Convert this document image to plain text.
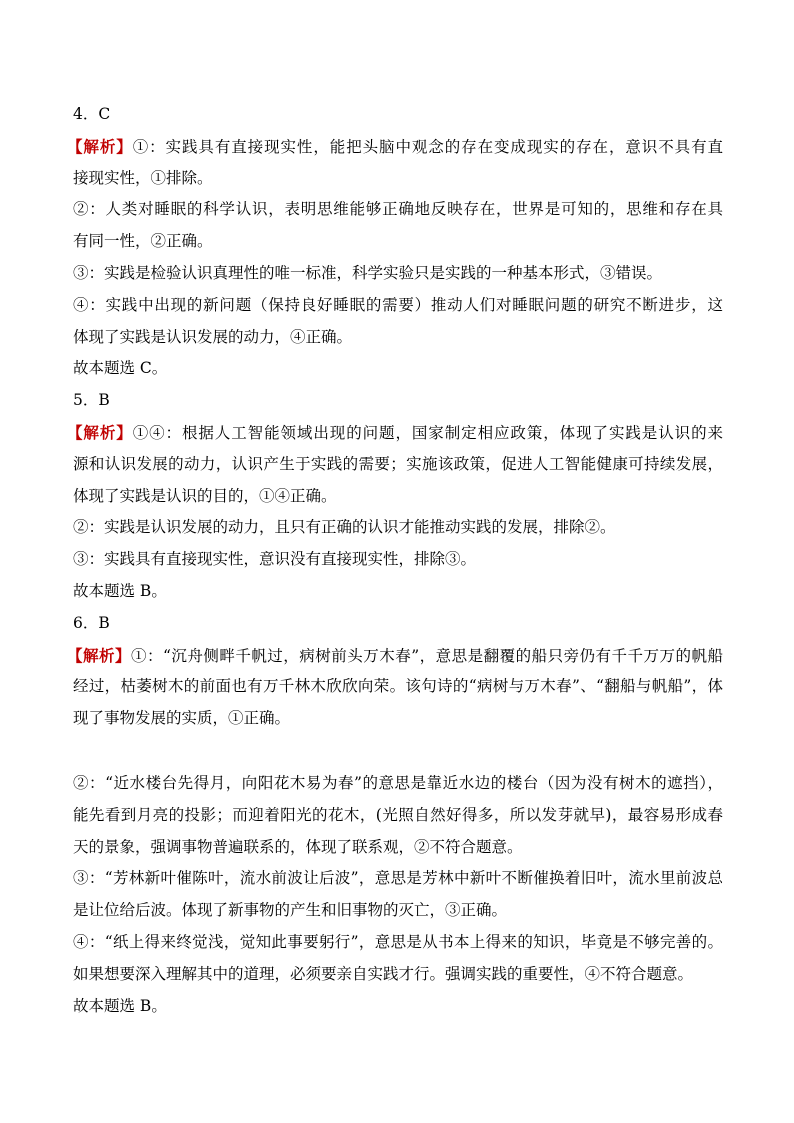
4．C
【解析】①：实践具有直接现实性，能把头脑中观念的存在变成现实的存在，意识不具有直
接现实性，①排除。
②：人类对睡眠的科学认识，表明思维能够正确地反映存在，世界是可知的，思维和存在具
有同一性，②正确。
③：实践是检验认识真理性的唯一标准，科学实验只是实践的一种基本形式，③错误。
④：实践中出现的新问题（保持良好睡眠的需要）推动人们对睡眠问题的研究不断进步，这
体现了实践是认识发展的动力，④正确。
故本题选 C。
5．B
【解析】①④：根据人工智能领域出现的问题，国家制定相应政策，体现了实践是认识的来
源和认识发展的动力，认识产生于实践的需要；实施该政策，促进人工智能健康可持续发展，
体现了实践是认识的目的，①④正确。
②：实践是认识发展的动力，且只有正确的认识才能推动实践的发展，排除②。
③：实践具有直接现实性，意识没有直接现实性，排除③。
故本题选 B。
6．B
【解析】①：“沉舟侧畔千帆过，病树前头万木春”，意思是翻覆的船只旁仍有千千万万的帆船
经过，枯萎树木的前面也有万千林木欣欣向荣。该句诗的“病树与万木春”、“翻船与帆船”，体
现了事物发展的实质，①正确。
②：“近水楼台先得月，向阳花木易为春”的意思是靠近水边的楼台（因为没有树木的遮挡），
能先看到月亮的投影；而迎着阳光的花木，(光照自然好得多，所以发芽就早)，最容易形成春
天的景象，强调事物普遍联系的，体现了联系观，②不符合题意。
③：“芳林新叶催陈叶，流水前波让后波”，意思是芳林中新叶不断催换着旧叶，流水里前波总
是让位给后波。体现了新事物的产生和旧事物的灭亡，③正确。
④：“纸上得来终觉浅，觉知此事要躬行”，意思是从书本上得来的知识，毕竟是不够完善的。
如果想要深入理解其中的道理，必须要亲自实践才行。强调实践的重要性，④不符合题意。
故本题选 B。
